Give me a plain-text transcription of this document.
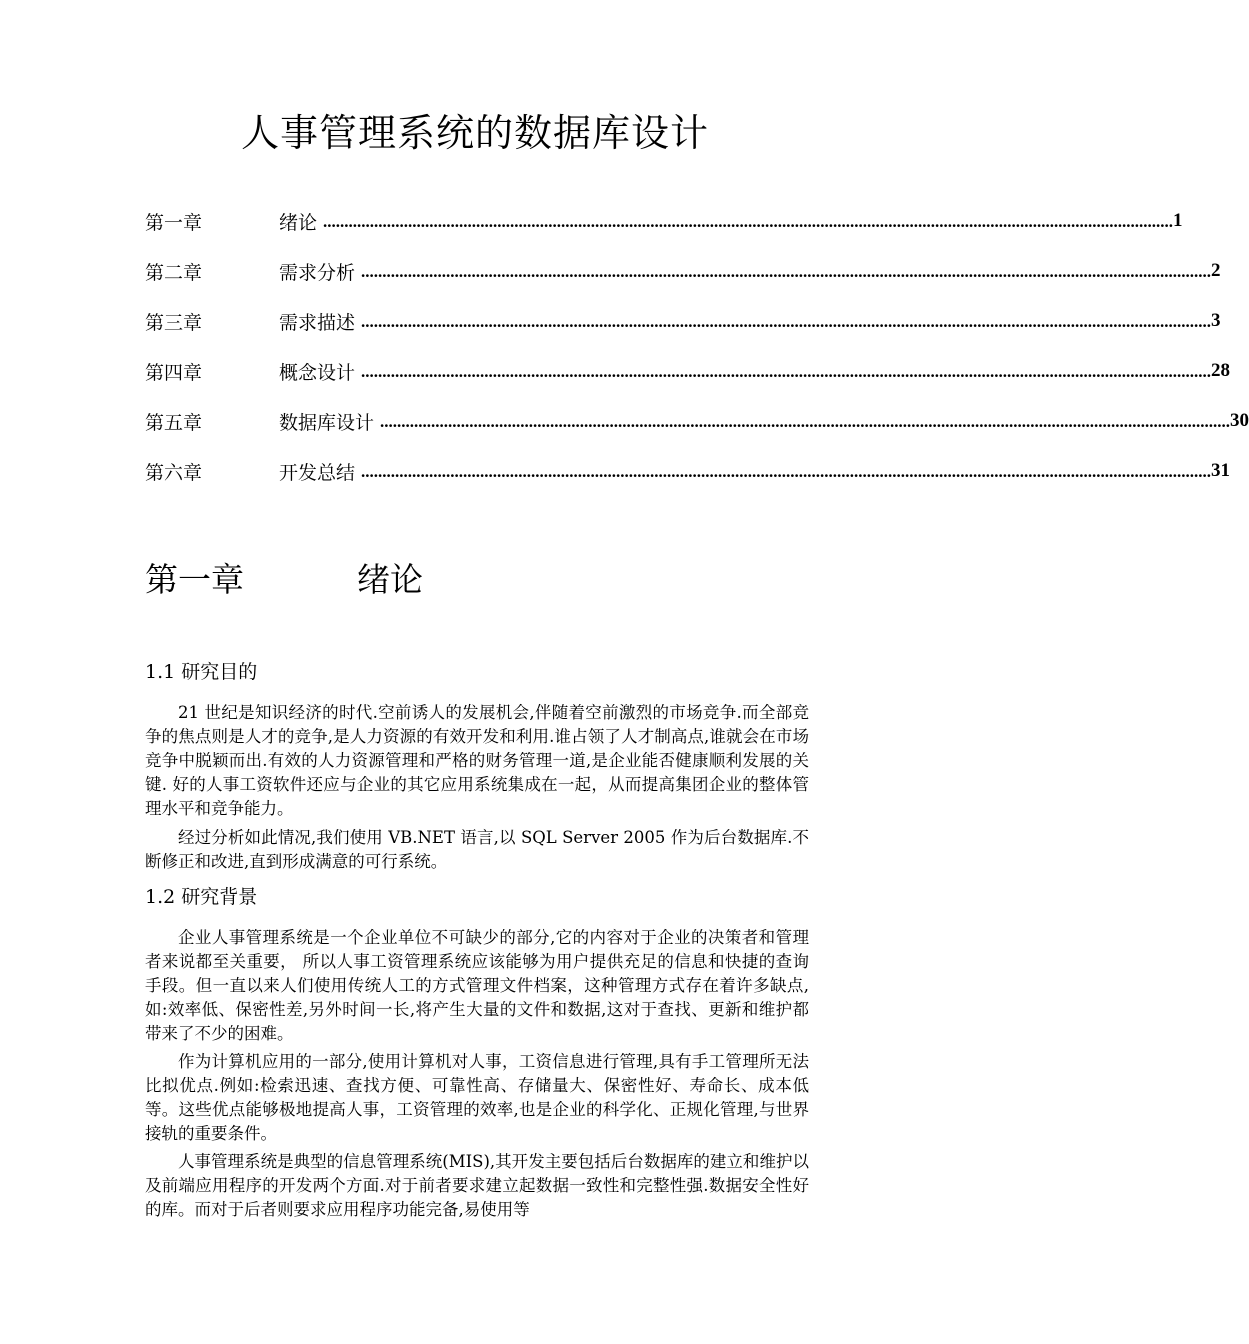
人事管理系统的数据库设计
第一章	绪论 ........................................................................................................................................................................................................ 1
第二章	需求分析 ........................................................................................................................................................................................................ 2
第三章	需求描述 ........................................................................................................................................................................................................ 3
第四章	概念设计 ........................................................................................................................................................................................................ 28
第五章	数据库设计 ........................................................................................................................................................................................................ 30
第六章	开发总结 ........................................................................................................................................................................................................ 31
第一章	绪论
1.1 研究目的

21 世纪是知识经济的时代.空前诱人的发展机会,伴随着空前激烈的市场竞争.而全部竞争的焦点则是人才的竞争,是人力资源的有效开发和利用.谁占领了人才制高点,谁就会在市场竞争中脱颖而出.有效的人力资源管理和严格的财务管理一道,是企业能否健康顺利发展的关键. 好的人事工资软件还应与企业的其它应用系统集成在一起，从而提高集团企业的整体管理水平和竞争能力。

经过分析如此情况,我们使用 VB.NET 语言,以 SQL Server 2005 作为后台数据库.不断修正和改进,直到形成满意的可行系统。

1.2 研究背景

企业人事管理系统是一个企业单位不可缺少的部分,它的内容对于企业的决策者和管理者来说都至关重要， 所以人事工资管理系统应该能够为用户提供充足的信息和快捷的查询手段。但一直以来人们使用传统人工的方式管理文件档案，这种管理方式存在着许多缺点,如:效率低、保密性差,另外时间一长,将产生大量的文件和数据,这对于查找、更新和维护都带来了不少的困难。

作为计算机应用的一部分,使用计算机对人事，工资信息进行管理,具有手工管理所无法比拟优点.例如:检索迅速、查找方便、可靠性高、存储量大、保密性好、寿命长、成本低等。这些优点能够极地提高人事，工资管理的效率,也是企业的科学化、正规化管理,与世界接轨的重要条件。

人事管理系统是典型的信息管理系统(MIS),其开发主要包括后台数据库的建立和维护以及前端应用程序的开发两个方面.对于前者要求建立起数据一致性和完整性强.数据安全性好的库。而对于后者则要求应用程序功能完备,易使用等
